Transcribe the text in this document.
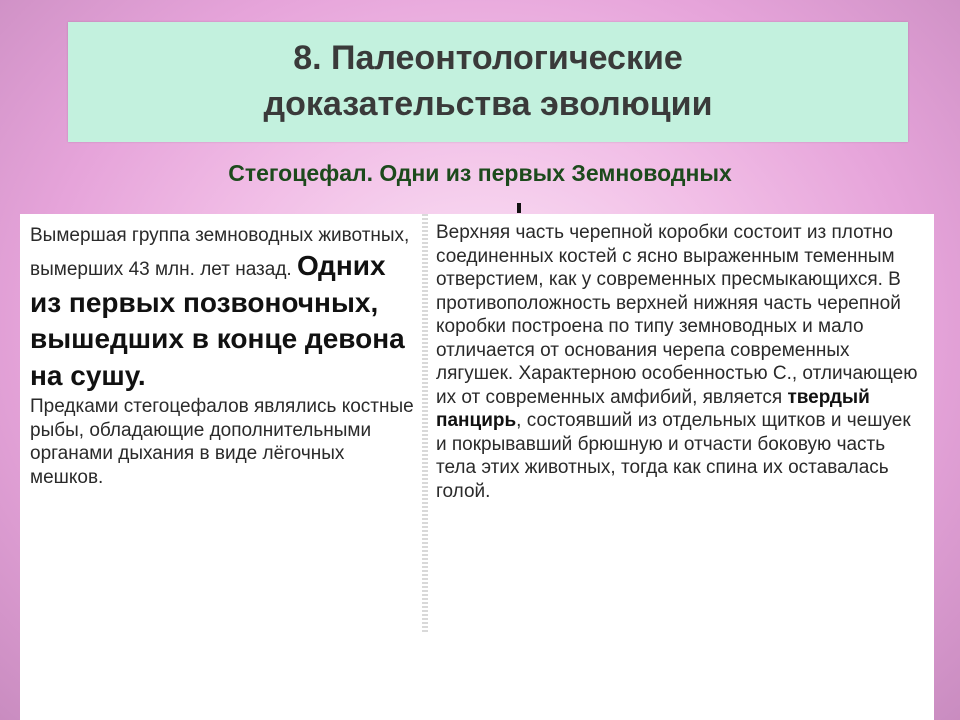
8. Палеонтологические
доказательства эволюции
Стегоцефал. Одни из первых Земноводных

Вымершая группа земноводных животных, вымерших 43 млн. лет назад. Одних из первых позвоночных, вышедших в конце девона на сушу.

Предками стегоцефалов являлись костные рыбы, обладающие дополнительными органами дыхания в виде лёгочных мешков.

Верхняя часть черепной коробки состоит из плотно соединенных костей с ясно выраженным теменным отверстием, как у современных пресмыкающихся. В противоположность верхней нижняя часть черепной коробки построена по типу земноводных и мало отличается от основания черепа современных лягушек. Характерною особенностью С., отличающею их от современных амфибий, является твердый панцирь, состоявший из отдельных щитков и чешуек и покрывавший брюшную и отчасти боковую часть тела этих животных, тогда как спина их оставалась голой.
